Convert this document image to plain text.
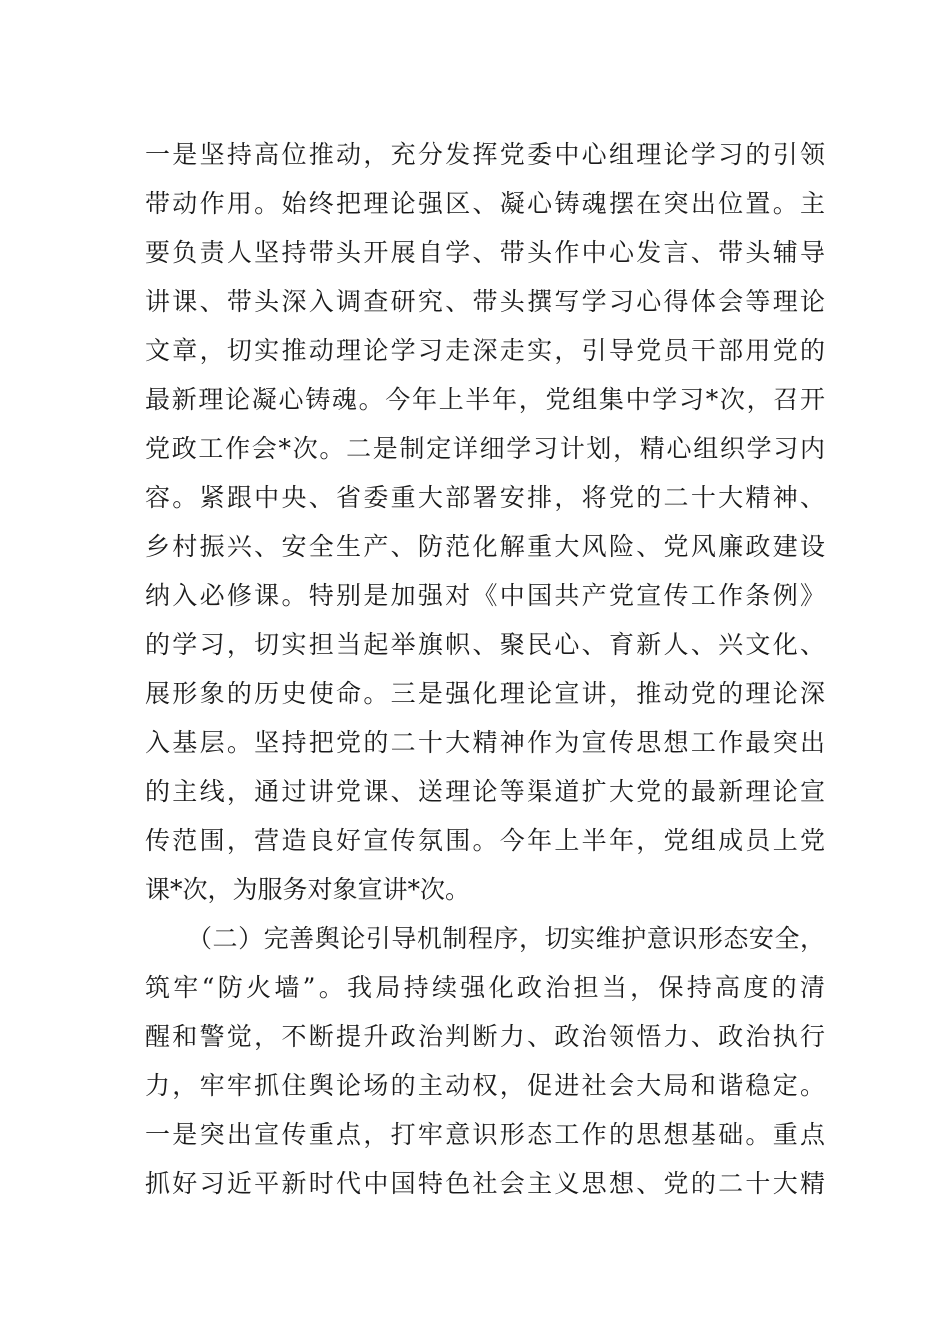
一是坚持高位推动，充分发挥党委中心组理论学习的引领
带动作用。始终把理论强区、凝心铸魂摆在突出位置。主
要负责人坚持带头开展自学、带头作中心发言、带头辅导
讲课、带头深入调查研究、带头撰写学习心得体会等理论
文章，切实推动理论学习走深走实，引导党员干部用党的
最新理论凝心铸魂。今年上半年，党组集中学习*次，召开
党政工作会*次。二是制定详细学习计划，精心组织学习内
容。紧跟中央、省委重大部署安排，将党的二十大精神、
乡村振兴、安全生产、防范化解重大风险、党风廉政建设
纳入必修课。特别是加强对《中国共产党宣传工作条例》
的学习，切实担当起举旗帜、聚民心、育新人、兴文化、
展形象的历史使命。三是强化理论宣讲，推动党的理论深
入基层。坚持把党的二十大精神作为宣传思想工作最突出
的主线，通过讲党课、送理论等渠道扩大党的最新理论宣
传范围，营造良好宣传氛围。今年上半年，党组成员上党
课*次，为服务对象宣讲*次。
（二）完善舆论引导机制程序，切实维护意识形态安全，
筑牢“防火墙”。我局持续强化政治担当，保持高度的清
醒和警觉，不断提升政治判断力、政治领悟力、政治执行
力，牢牢抓住舆论场的主动权，促进社会大局和谐稳定。
一是突出宣传重点，打牢意识形态工作的思想基础。重点
抓好习近平新时代中国特色社会主义思想、党的二十大精
